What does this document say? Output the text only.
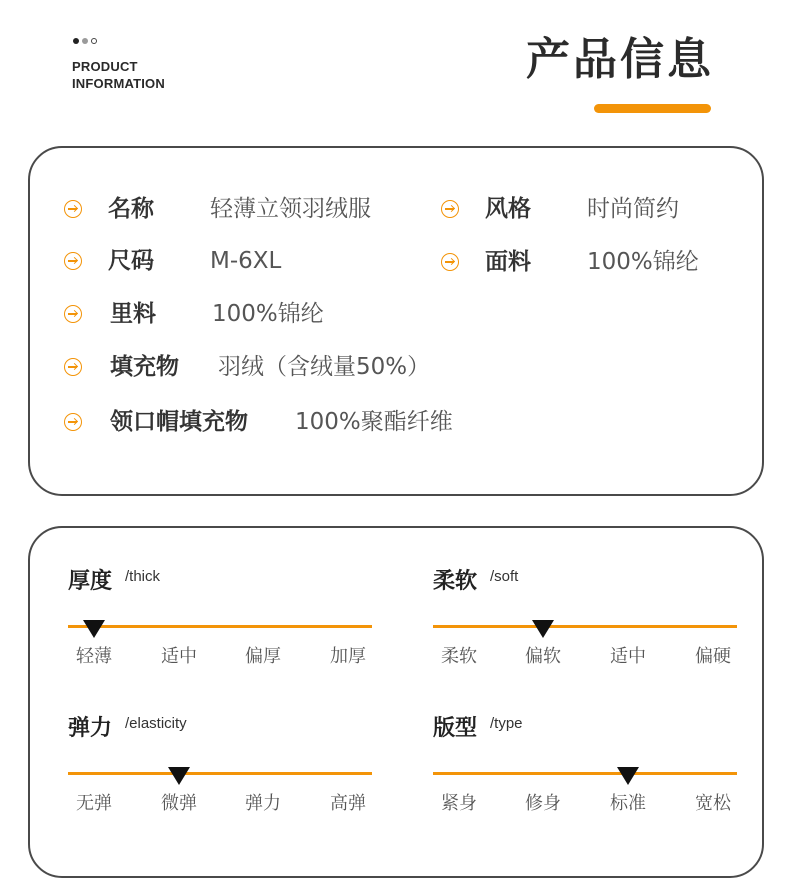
PRODUCT
INFORMATION	产品信息
名称 轻薄立领羽绒服	风格 时尚简约
尺码 M-6XL	面料 100%锦纶
里料 100%锦纶
填充物 羽绒（含绒量50%）
领口帽填充物 100%聚酯纤维
厚度 /thick
轻薄	适中	偏厚	加厚
柔软 /soft
柔软	偏软	适中	偏硬
弹力 /elasticity
无弹	微弹	弹力	高弹
版型 /type
紧身	修身	标准	宽松
